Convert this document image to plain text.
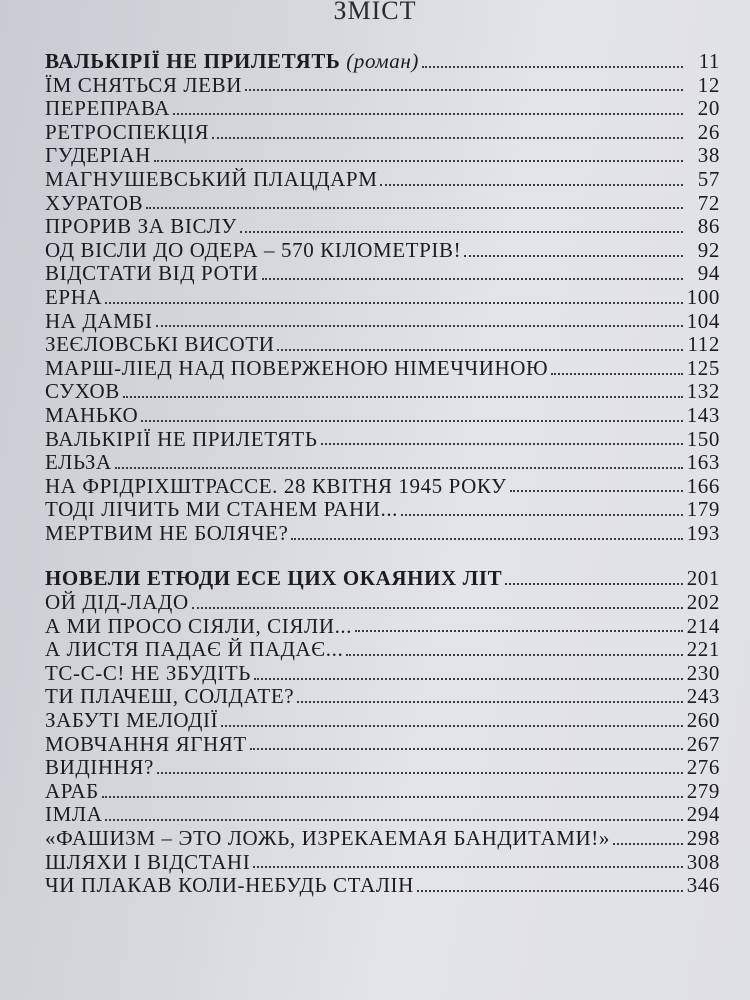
ЗМІСТ
ВАЛЬКІРІЇ НЕ ПРИЛЕТЯТЬ (роман)	11
ЇМ СНЯТЬСЯ ЛЕВИ	12
ПЕРЕПРАВА	20
РЕТРОСПЕКЦІЯ	26
ГУДЕРІАН	38
МАГНУШЕВСЬКИЙ ПЛАЦДАРМ	57
ХУРАТОВ	72
ПРОРИВ ЗА ВІСЛУ	86
ОД ВІСЛИ ДО ОДЕРА – 570 КІЛОМЕТРІВ!	92
ВІДСТАТИ ВІД РОТИ	94
ЕРНА	100
НА ДАМБІ	104
ЗЕЄЛОВСЬКІ ВИСОТИ	112
МАРШ-ЛІЕД НАД ПОВЕРЖЕНОЮ НІМЕЧЧИНОЮ	125
СУХОВ	132
МАНЬКО	143
ВАЛЬКІРІЇ НЕ ПРИЛЕТЯТЬ	150
ЕЛЬЗА	163
НА ФРІДРІХШТРАССЕ. 28 КВІТНЯ 1945 РОКУ	166
ТОДІ ЛІЧИТЬ МИ СТАНЕМ РАНИ...	179
МЕРТВИМ НЕ БОЛЯЧЕ?	193
НОВЕЛИ ЕТЮДИ ЕСЕ ЦИХ ОКАЯНИХ ЛІТ	201
ОЙ ДІД-ЛАДО	202
А МИ ПРОСО СІЯЛИ, СІЯЛИ...	214
А ЛИСТЯ ПАДАЄ Й ПАДАЄ...	221
ТС-С-С! НЕ ЗБУДІТЬ	230
ТИ ПЛАЧЕШ, СОЛДАТЕ?	243
ЗАБУТІ МЕЛОДІЇ	260
МОВЧАННЯ ЯГНЯТ	267
ВИДІННЯ?	276
АРАБ	279
ІМЛА	294
«ФАШИЗМ – ЭТО ЛОЖЬ, ИЗРЕКАЕМАЯ БАНДИТАМИ!»	298
ШЛЯХИ І ВІДСТАНІ	308
ЧИ ПЛАКАВ КОЛИ-НЕБУДЬ СТАЛІН	346
